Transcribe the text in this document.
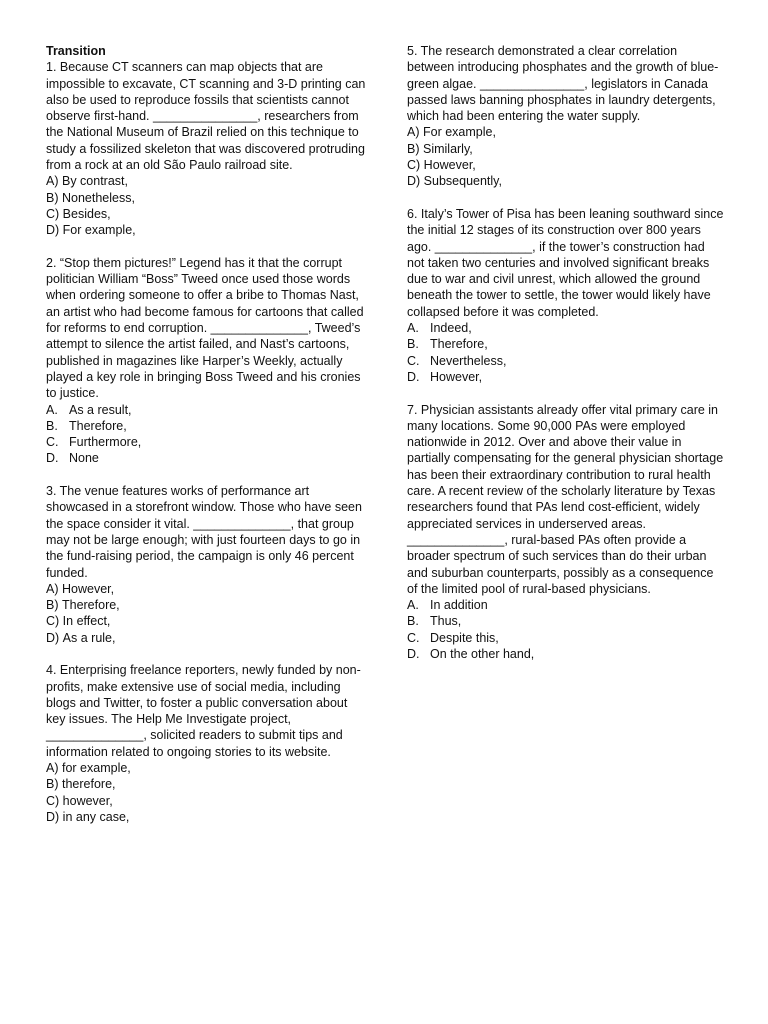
Transition

1. Because CT scanners can map objects that are impossible to excavate, CT scanning and 3-D printing can also be used to reproduce fossils that scientists cannot observe first-hand. _______________, researchers from the National Museum of Brazil relied on this technique to study a fossilized skeleton that was discovered protruding from a rock at an old São Paulo railroad site.

A) By contrast,
B) Nonetheless,
C) Besides,
D) For example,

2. “Stop them pictures!” Legend has it that the corrupt politician William “Boss” Tweed once used those words when ordering someone to offer a bribe to Thomas Nast, an artist who had become famous for cartoons that called for reforms to end corruption. ______________, Tweed’s attempt to silence the artist failed, and Nast’s cartoons, published in magazines like Harper’s Weekly, actually played a key role in bringing Boss Tweed and his cronies to justice.

A. As a result,
B. Therefore,
C. Furthermore,
D. None

3. The venue features works of performance art showcased in a storefront window. Those who have seen the space consider it vital. ______________, that group may not be large enough; with just fourteen days to go in the fund-raising period, the campaign is only 46 percent funded.

A) However,
B) Therefore,
C) In effect,
D) As a rule,

4. Enterprising freelance reporters, newly funded by non-profits, make extensive use of social media, including blogs and Twitter, to foster a public conversation about key issues. The Help Me Investigate project, ______________, solicited readers to submit tips and information related to ongoing stories to its website.

A) for example,
B) therefore,
C) however,
D) in any case,

5. The research demonstrated a clear correlation between introducing phosphates and the growth of blue-green algae. _______________, legislators in Canada passed laws banning phosphates in laundry detergents, which had been entering the water supply.

A) For example,
B) Similarly,
C) However,
D) Subsequently,

6. Italy’s Tower of Pisa has been leaning southward since the initial 12 stages of its construction over 800 years ago. ______________, if the tower’s construction had not taken two centuries and involved significant breaks due to war and civil unrest, which allowed the ground beneath the tower to settle, the tower would likely have collapsed before it was completed.

A. Indeed,
B. Therefore,
C. Nevertheless,
D. However,

7. Physician assistants already offer vital primary care in many locations. Some 90,000 PAs were employed nationwide in 2012. Over and above their value in partially compensating for the general physician shortage has been their extraordinary contribution to rural health care. A recent review of the scholarly literature by Texas researchers found that PAs lend cost-efficient, widely appreciated services in underserved areas. ______________, rural-based PAs often provide a broader spectrum of such services than do their urban and suburban counterparts, possibly as a consequence of the limited pool of rural-based physicians.

A. In addition
B. Thus,
C. Despite this,
D. On the other hand,
